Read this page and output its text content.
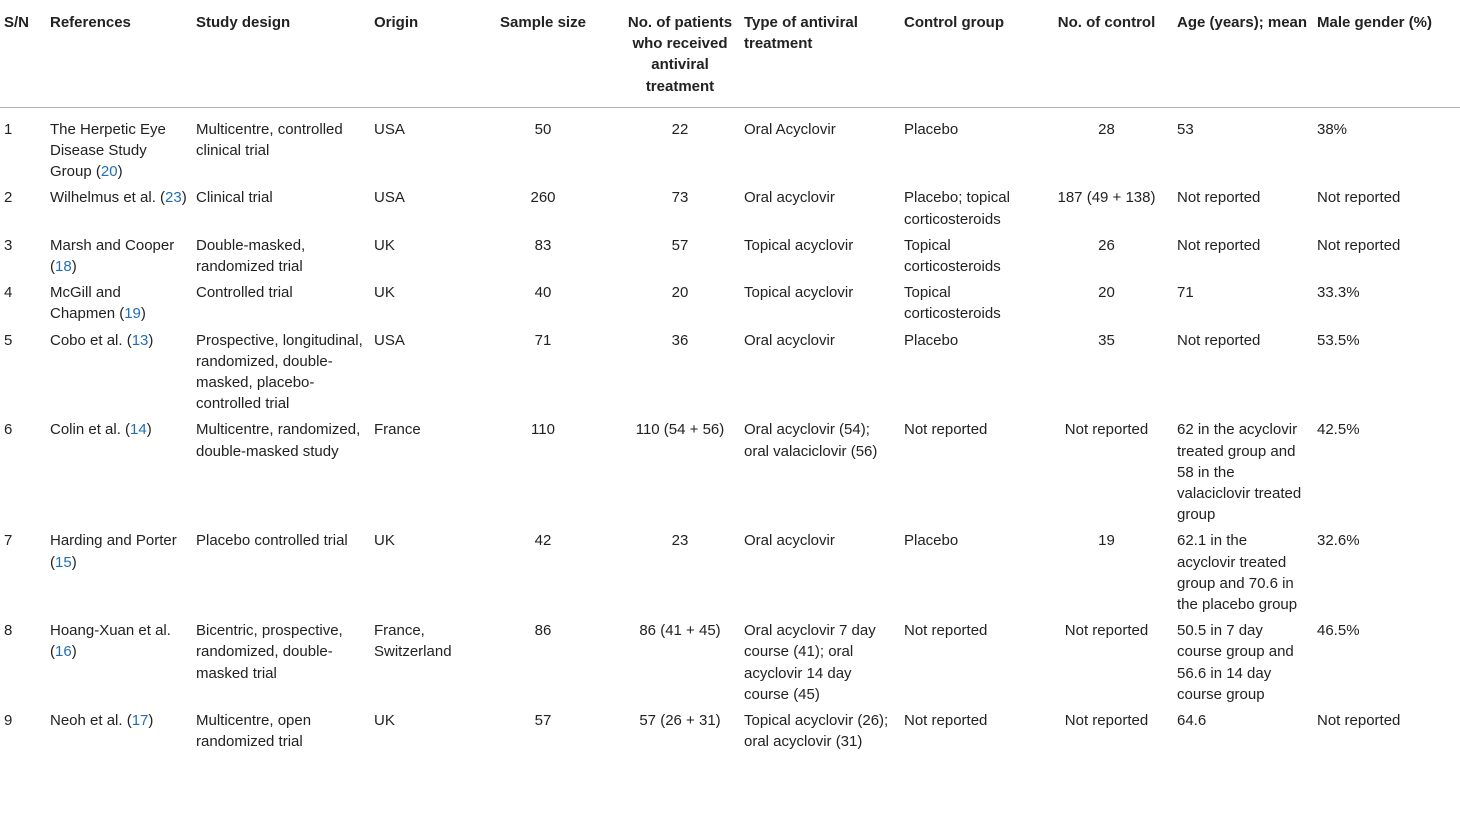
S/N	References	Study design	Origin	Sample size	No. of patients who received antiviral treatment	Type of antiviral treatment	Control group	No. of control	Age (years); mean	Male gender (%)
1	The Herpetic Eye Disease Study Group (20)	Multicentre, controlled clinical trial	USA	50	22	Oral Acyclovir	Placebo	28	53	38%
2	Wilhelmus et al. (23)	Clinical trial	USA	260	73	Oral acyclovir	Placebo; topical corticosteroids	187 (49 + 138)	Not reported	Not reported
3	Marsh and Cooper (18)	Double-masked, randomized trial	UK	83	57	Topical acyclovir	Topical corticosteroids	26	Not reported	Not reported
4	McGill and Chapmen (19)	Controlled trial	UK	40	20	Topical acyclovir	Topical corticosteroids	20	71	33.3%
5	Cobo et al. (13)	Prospective, longitudinal, randomized, double-masked, placebo-controlled trial	USA	71	36	Oral acyclovir	Placebo	35	Not reported	53.5%
6	Colin et al. (14)	Multicentre, randomized, double-masked study	France	110	110 (54 + 56)	Oral acyclovir (54); oral valaciclovir (56)	Not reported	Not reported	62 in the acyclovir treated group and 58 in the valaciclovir treated group	42.5%
7	Harding and Porter (15)	Placebo controlled trial	UK	42	23	Oral acyclovir	Placebo	19	62.1 in the acyclovir treated group and 70.6 in the placebo group	32.6%
8	Hoang-Xuan et al. (16)	Bicentric, prospective, randomized, double-masked trial	France, Switzerland	86	86 (41 + 45)	Oral acyclovir 7 day course (41); oral acyclovir 14 day course (45)	Not reported	Not reported	50.5 in 7 day course group and 56.6 in 14 day course group	46.5%
9	Neoh et al. (17)	Multicentre, open randomized trial	UK	57	57 (26 + 31)	Topical acyclovir (26); oral acyclovir (31)	Not reported	Not reported	64.6	Not reported
